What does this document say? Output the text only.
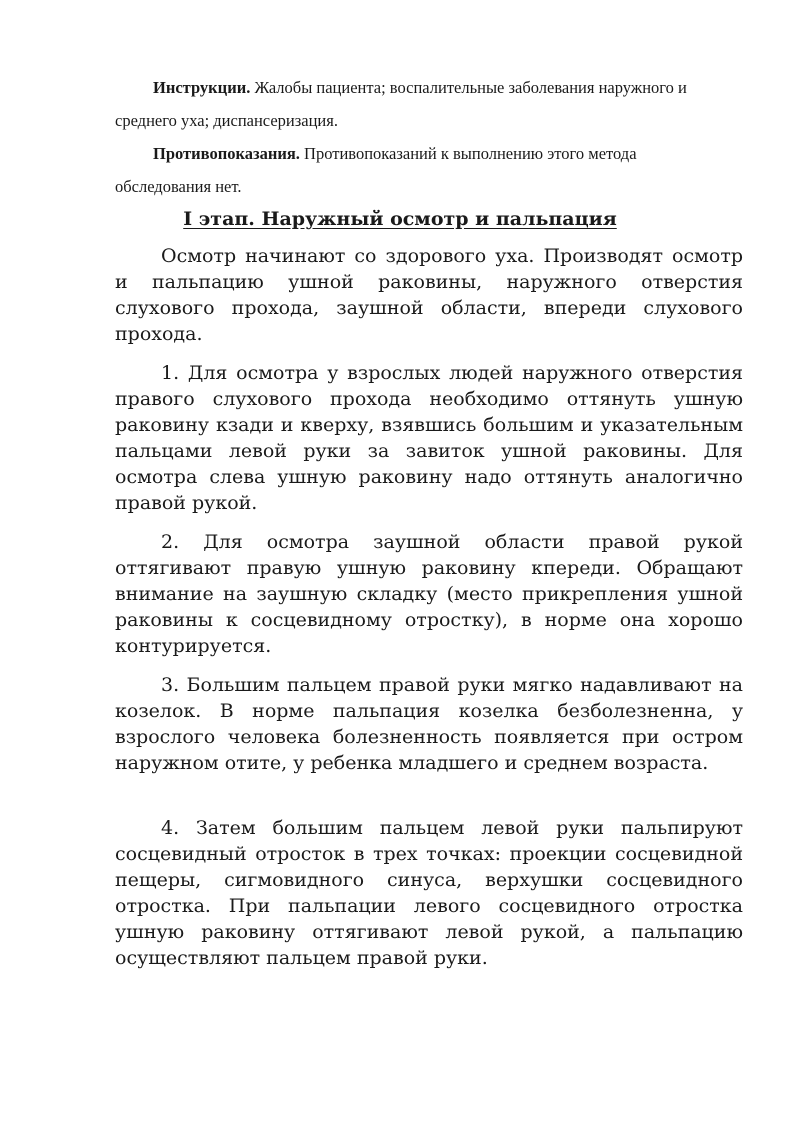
Инструкции. Жалобы пациента; воспалительные заболевания наружного и среднего уха; диспансеризация.

Противопоказания. Противопоказаний к выполнению этого метода обследования нет.

I этап. Наружный осмотр и пальпация

Осмотр начинают со здорового уха. Производят осмотр и пальпацию ушной раковины, наружного отверстия слухового прохода, заушной области, впереди слухового прохода.

1. Для осмотра у взрослых людей наружного отверстия правого слухового прохода необходимо оттянуть ушную раковину кзади и кверху, взявшись большим и указательным пальцами левой руки за завиток ушной раковины. Для осмотра слева ушную раковину надо оттянуть аналогично правой рукой.

2. Для осмотра заушной области правой рукой оттягивают правую ушную раковину кпереди. Обращают внимание на заушную складку (место прикрепления ушной раковины к сосцевидному отростку), в норме она хорошо контурируется.

3. Большим пальцем правой руки мягко надавливают на козелок. В норме пальпация козелка безболезненна, у взрослого человека болезненность появляется при остром наружном отите, у ребенка младшего и среднем возраста.

4. Затем большим пальцем левой руки пальпируют сосцевидный отросток в трех точках: проекции сосцевидной пещеры, сигмовидного синуса, верхушки сосцевидного отростка. При пальпации левого сосцевидного отростка ушную раковину оттягивают левой рукой, а пальпацию осуществляют пальцем правой руки.
